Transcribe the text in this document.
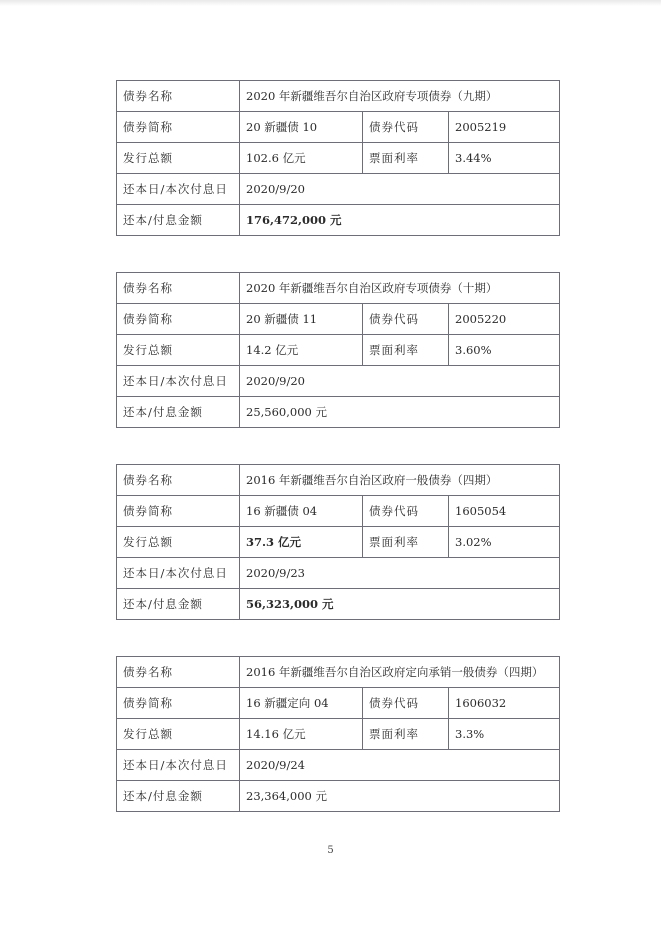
债券名称	2020 年新疆维吾尔自治区政府专项债券（九期）		
债券简称	20 新疆债 10	债券代码	2005219
发行总额	102.6 亿元	票面利率	3.44%
还本日/本次付息日	2020/9/20		
还本/付息金额	176,472,000 元		
债券名称	2020 年新疆维吾尔自治区政府专项债券（十期）		
债券简称	20 新疆债 11	债券代码	2005220
发行总额	14.2 亿元	票面利率	3.60%
还本日/本次付息日	2020/9/20		
还本/付息金额	25,560,000 元		
债券名称	2016 年新疆维吾尔自治区政府一般债券（四期）		
债券简称	16 新疆债 04	债券代码	1605054
发行总额	37.3 亿元	票面利率	3.02%
还本日/本次付息日	2020/9/23		
还本/付息金额	56,323,000 元		
债券名称	2016 年新疆维吾尔自治区政府定向承销一般债券（四期）		
债券简称	16 新疆定向 04	债券代码	1606032
发行总额	14.16 亿元	票面利率	3.3%
还本日/本次付息日	2020/9/24		
还本/付息金额	23,364,000 元		
5
